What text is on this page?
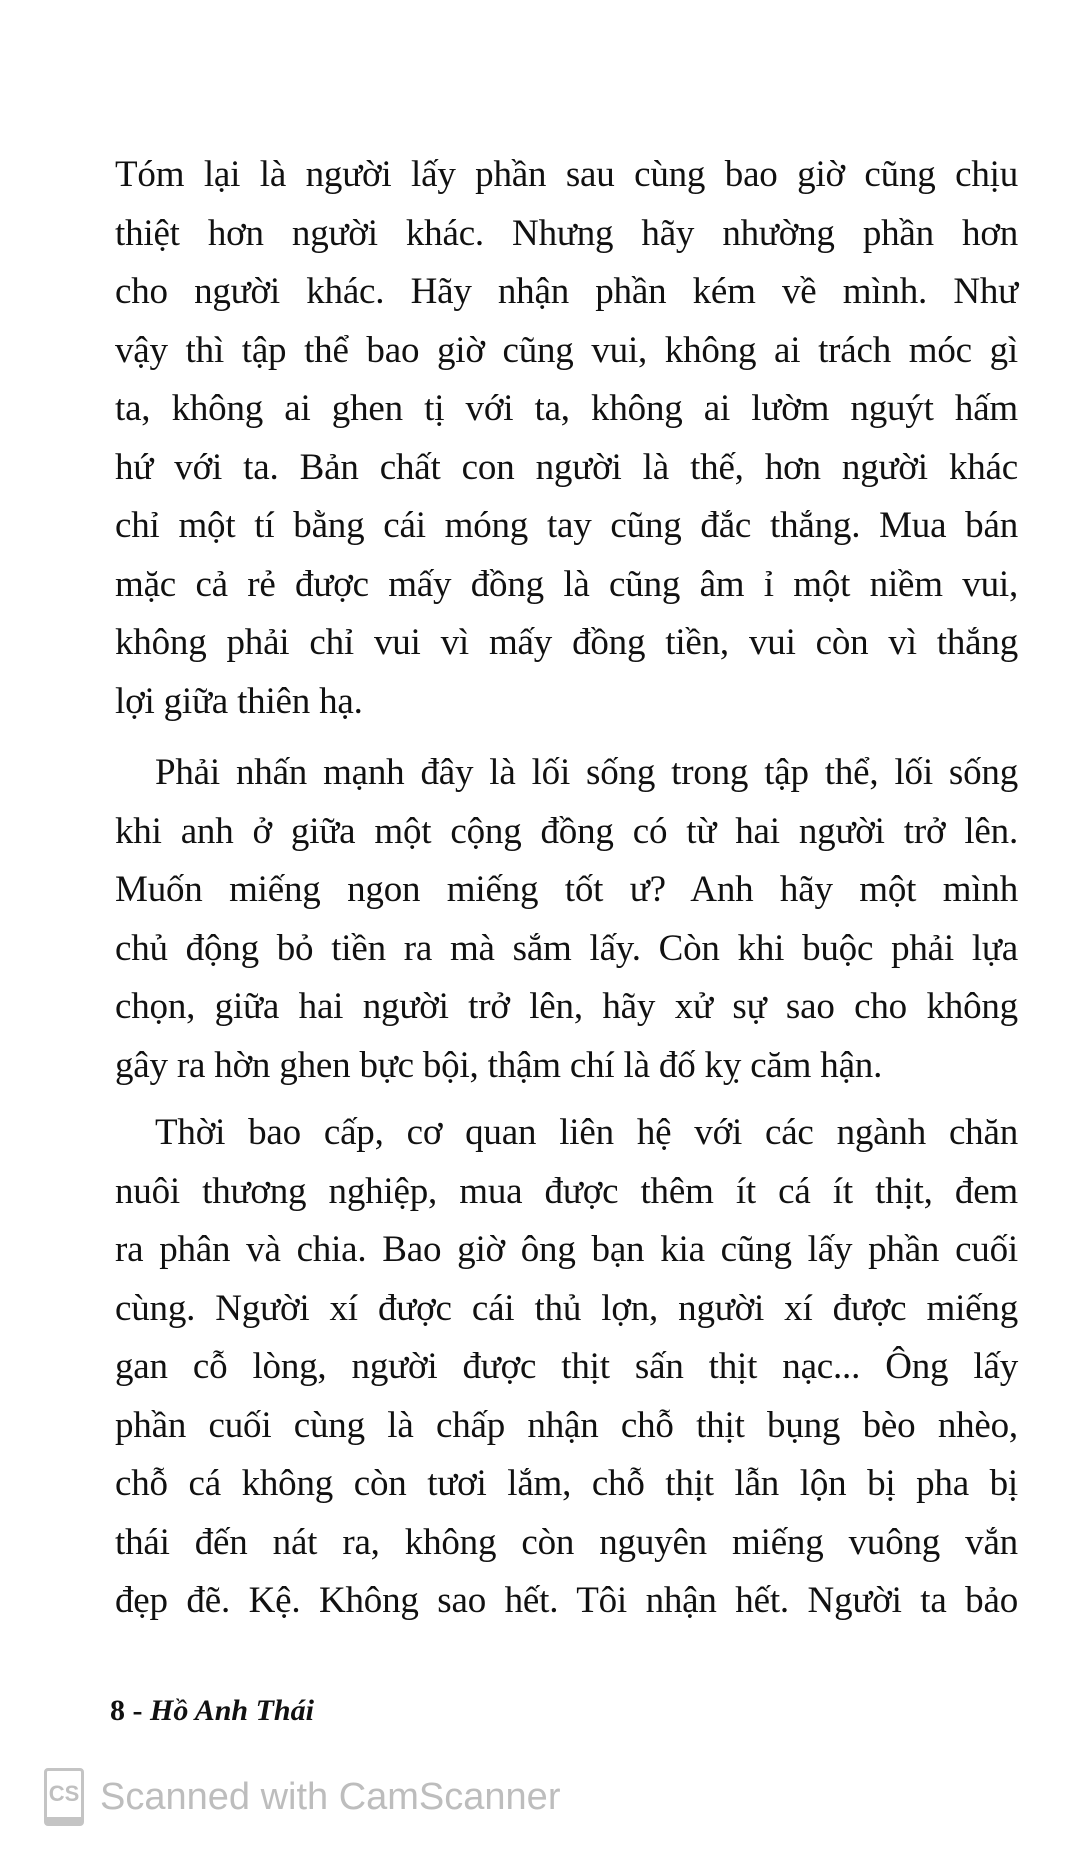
Tóm lại là người lấy phần sau cùng bao giờ cũng chịu
thiệt hơn người khác. Nhưng hãy nhường phần hơn
cho người khác. Hãy nhận phần kém về mình. Như
vậy thì tập thể bao giờ cũng vui, không ai trách móc gì
ta, không ai ghen tị với ta, không ai lườm nguýt hấm
hứ với ta. Bản chất con người là thế, hơn người khác
chỉ một tí bằng cái móng tay cũng đắc thắng. Mua bán
mặc cả rẻ được mấy đồng là cũng âm ỉ một niềm vui,
không phải chỉ vui vì mấy đồng tiền, vui còn vì thắng
lợi giữa thiên hạ.
Phải nhấn mạnh đây là lối sống trong tập thể, lối sống
khi anh ở giữa một cộng đồng có từ hai người trở lên.
Muốn miếng ngon miếng tốt ư? Anh hãy một mình
chủ động bỏ tiền ra mà sắm lấy. Còn khi buộc phải lựa
chọn, giữa hai người trở lên, hãy xử sự sao cho không
gây ra hờn ghen bực bội, thậm chí là đố kỵ căm hận.
Thời bao cấp, cơ quan liên hệ với các ngành chăn
nuôi thương nghiệp, mua được thêm ít cá ít thịt, đem
ra phân và chia. Bao giờ ông bạn kia cũng lấy phần cuối
cùng. Người xí được cái thủ lợn, người xí được miếng
gan cỗ lòng, người được thịt sấn thịt nạc... Ông lấy
phần cuối cùng là chấp nhận chỗ thịt bụng bèo nhèo,
chỗ cá không còn tươi lắm, chỗ thịt lẫn lộn bị pha bị
thái đến nát ra, không còn nguyên miếng vuông vắn
đẹp đẽ. Kệ. Không sao hết. Tôi nhận hết. Người ta bảo
8 - Hồ Anh Thái
CS Scanned with CamScanner
